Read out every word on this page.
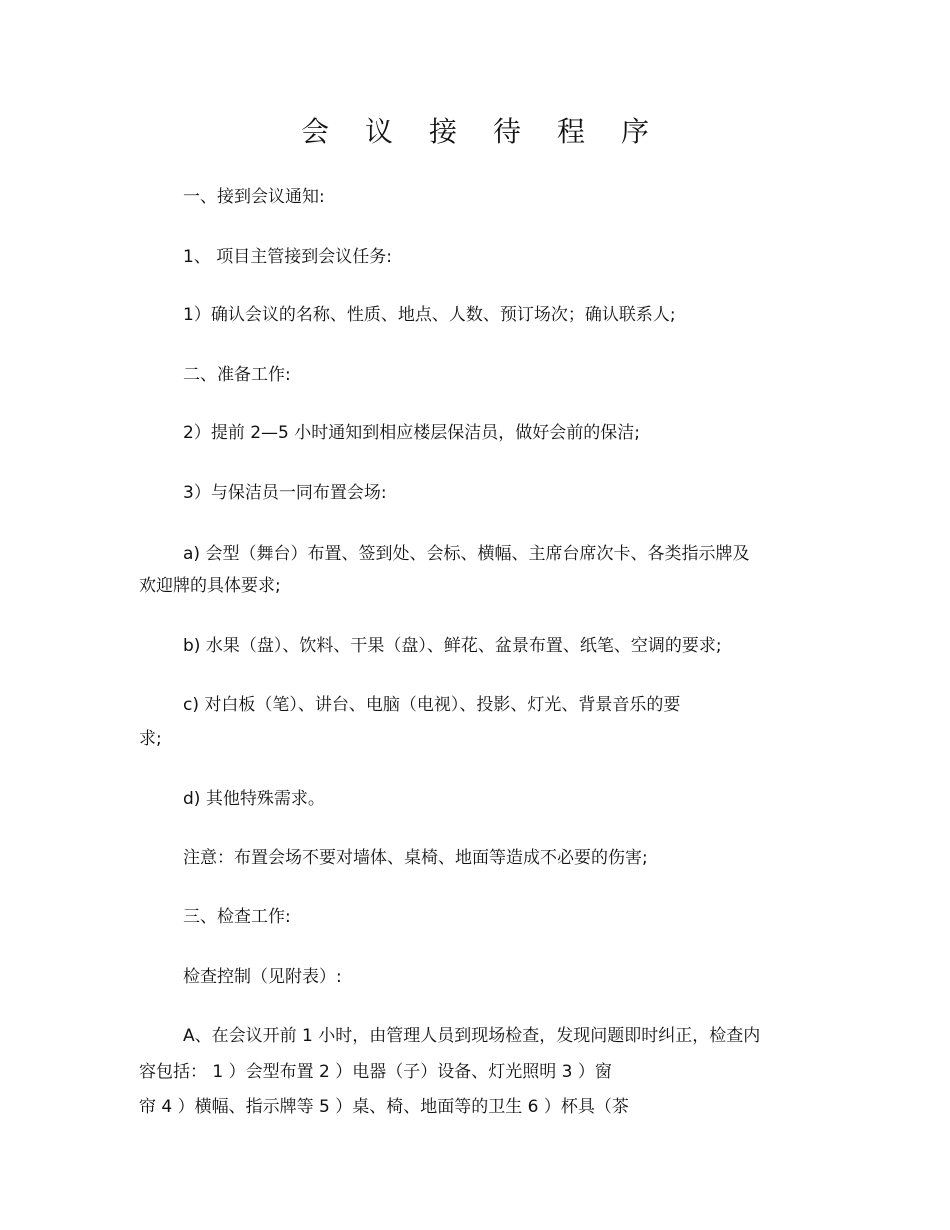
会议接待程序
一、接到会议通知:
1、 项目主管接到会议任务:
1）确认会议的名称、性质、地点、人数、预订场次；确认联系人;
二、准备工作:
2）提前 2—5 小时通知到相应楼层保洁员，做好会前的保洁;
3）与保洁员一同布置会场:
a) 会型（舞台）布置、签到处、会标、横幅、主席台席次卡、各类指示牌及
欢迎牌的具体要求;
b) 水果（盘）、饮料、干果（盘）、鲜花、盆景布置、纸笔、空调的要求;
c) 对白板（笔）、讲台、电脑（电视）、投影、灯光、背景音乐的要
求;
d) 其他特殊需求。
注意：布置会场不要对墙体、桌椅、地面等造成不必要的伤害;
三、检查工作:
检查控制（见附表）:
A、在会议开前 1 小时，由管理人员到现场检查，发现问题即时纠正，检查内
容包括： 1 ）会型布置 2 ）电器（子）设备、灯光照明 3 ）窗
帘 4 ）横幅、指示牌等 5 ）桌、椅、地面等的卫生 6 ）杯具（茶
